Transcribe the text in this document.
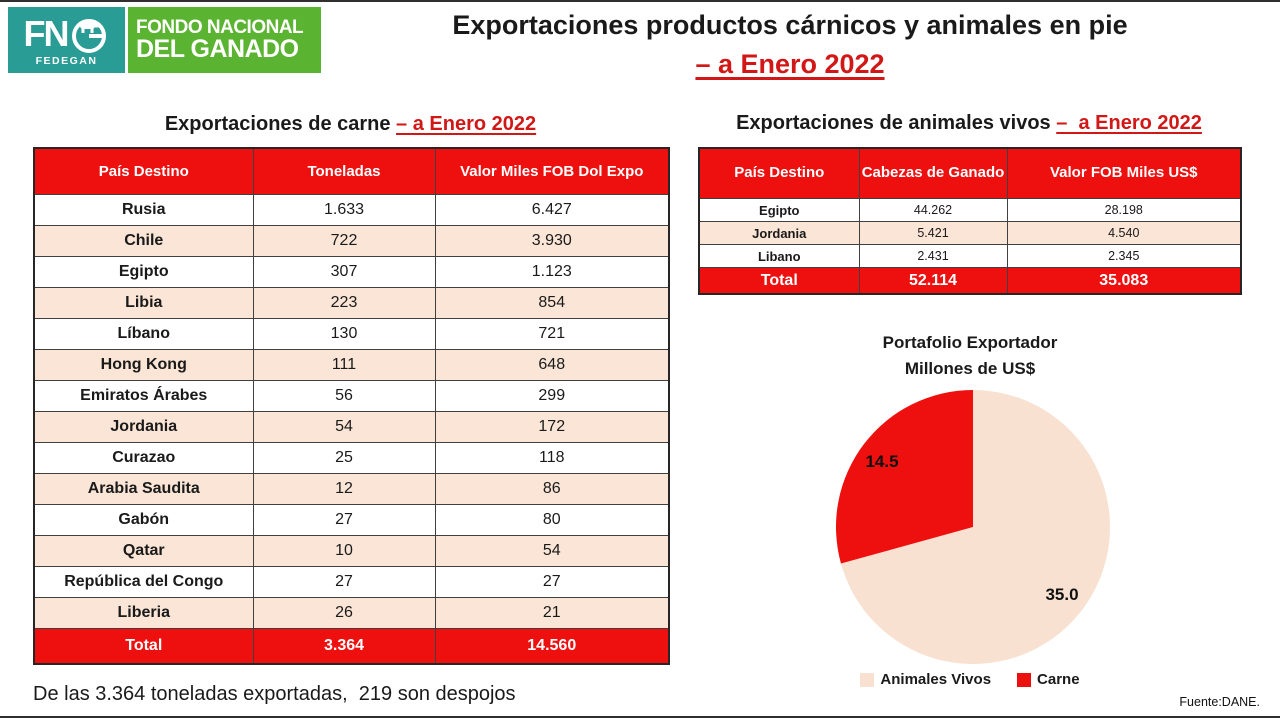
FN
FEDEGAN
FONDO NACIONAL
DEL GANADO
Exportaciones productos cárnicos y animales en pie
– a Enero 2022
Exportaciones de carne – a Enero 2022
País Destino	Toneladas	Valor Miles FOB Dol Expo
Rusia	1.633	6.427
Chile	722	3.930
Egipto	307	1.123
Libia	223	854
Líbano	130	721
Hong Kong	111	648
Emiratos Árabes	56	299
Jordania	54	172
Curazao	25	118
Arabia Saudita	12	86
Gabón	27	80
Qatar	10	54
República del Congo	27	27
Liberia	26	21
Total	3.364	14.560
De las 3.364 toneladas exportadas,  219 son despojos
Exportaciones de animales vivos –  a Enero 2022
País Destino	Cabezas de Ganado	Valor FOB Miles US$
Egipto	44.262	28.198
Jordania	5.421	4.540
Libano	2.431	2.345
Total	52.114	35.083
Portafolio Exportador
Millones de US$
14.5
35.0
Animales Vivos	Carne
Fuente:DANE.
